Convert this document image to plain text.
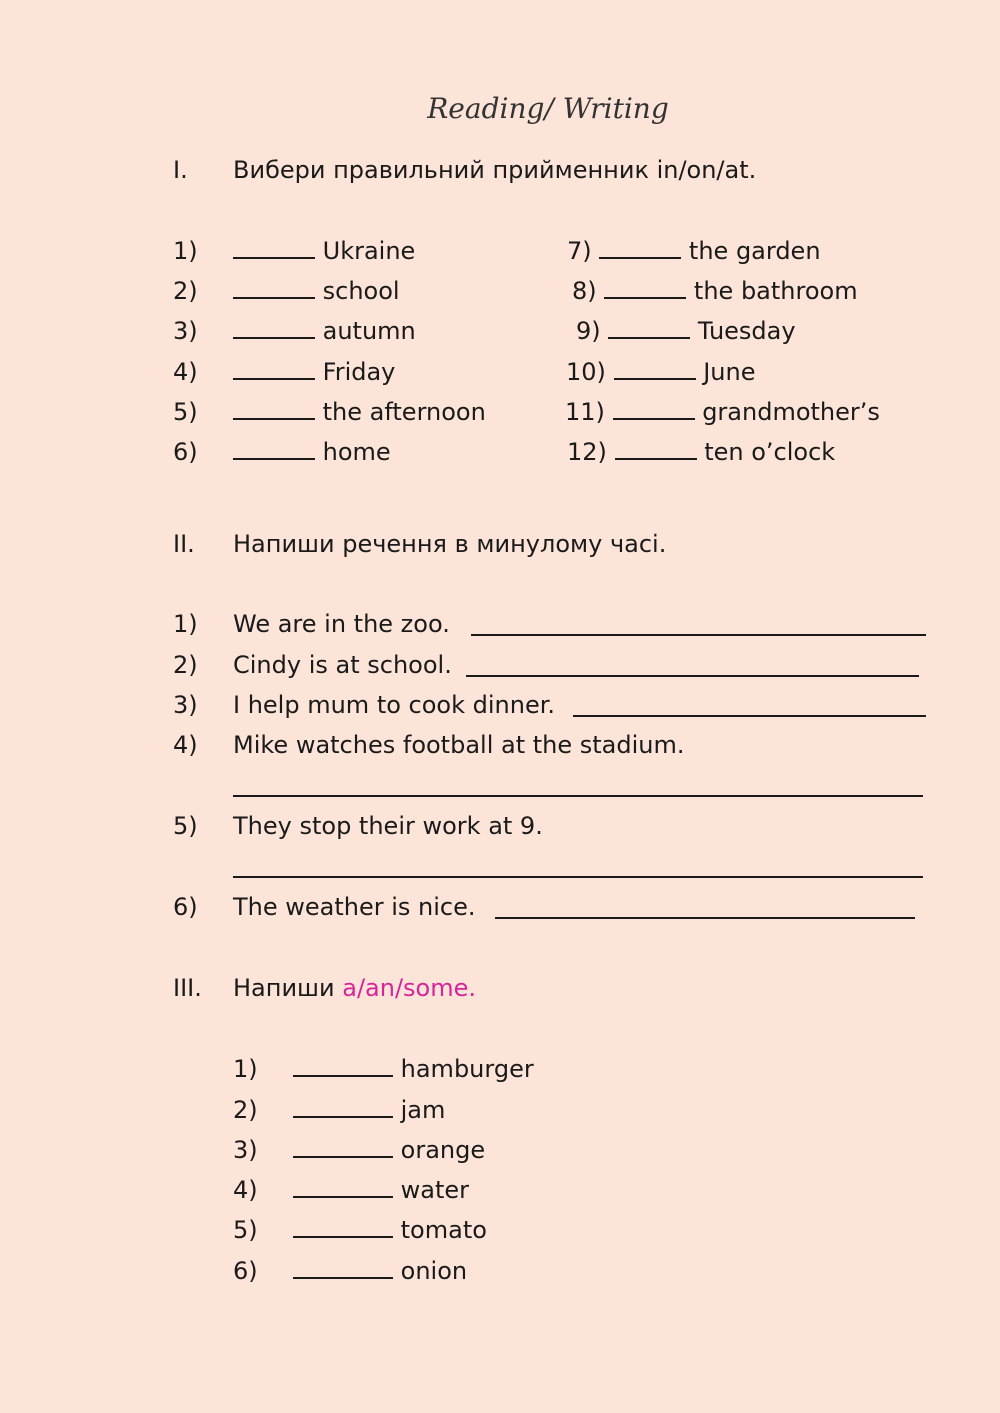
Reading/ Writing
I. Вибери правильний прийменник in/on/at.
1)	Ukraine
2)	school
3)	autumn
4)	Friday
5)	the afternoon
6)	home
7)	the garden
8)	the bathroom
9)	Tuesday
10)	June
11)	grandmother’s
12)	ten o’clock
II. Напиши речення в минулому часі.
1) We are in the zoo.
2) Cindy is at school.
3) I help mum to cook dinner.
4) Mike watches football at the stadium.
5) They stop their work at 9.
6) The weather is nice.
III. Напиши a/an/some.
1)	hamburger
2)	jam
3)	orange
4)	water
5)	tomato
6)	onion
